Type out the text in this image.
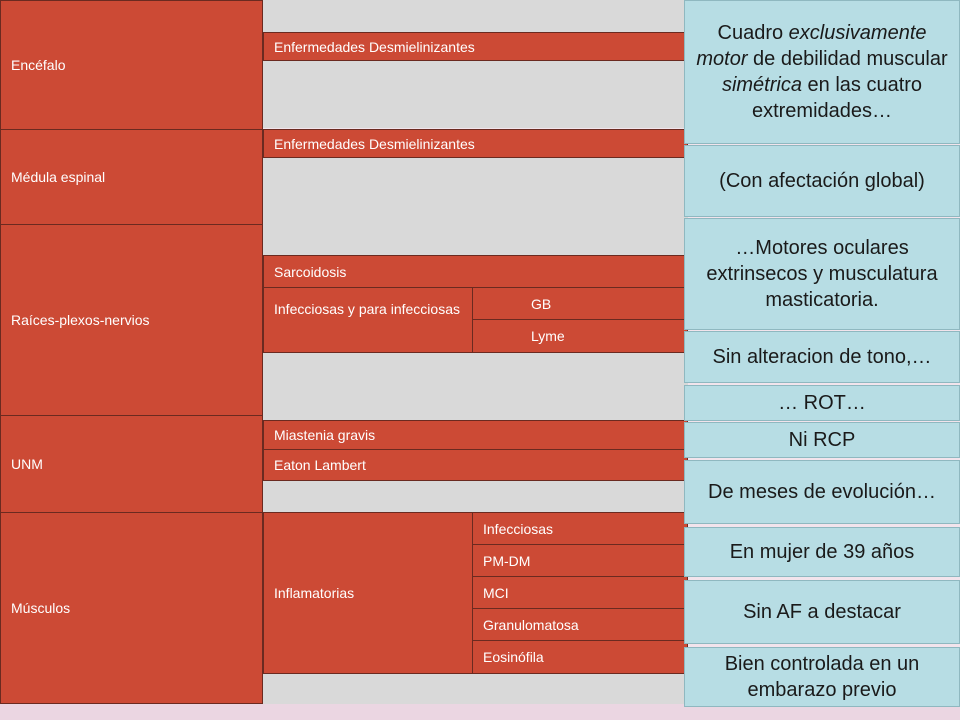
Encéfalo
Médula espinal
Raíces-plexos-nervios
UNM
Músculos
Enfermedades Desmielinizantes
Enfermedades Desmielinizantes
Sarcoidosis
Infecciosas y para infecciosas	GB
Lyme
Miastenia gravis
Eaton Lambert
Inflamatorias
Infecciosas
PM-DM
MCI
Granulomatosa
Eosinófila
Cuadro exclusivamente motor de debilidad muscular simétrica en las cuatro extremidades…
(Con afectación global)
…Motores oculares extrinsecos y musculatura masticatoria.
Sin alteracion de tono,…
… ROT…
Ni RCP
De meses de evolución…
En mujer de 39 años
Sin AF a destacar
Bien controlada en un embarazo previo
